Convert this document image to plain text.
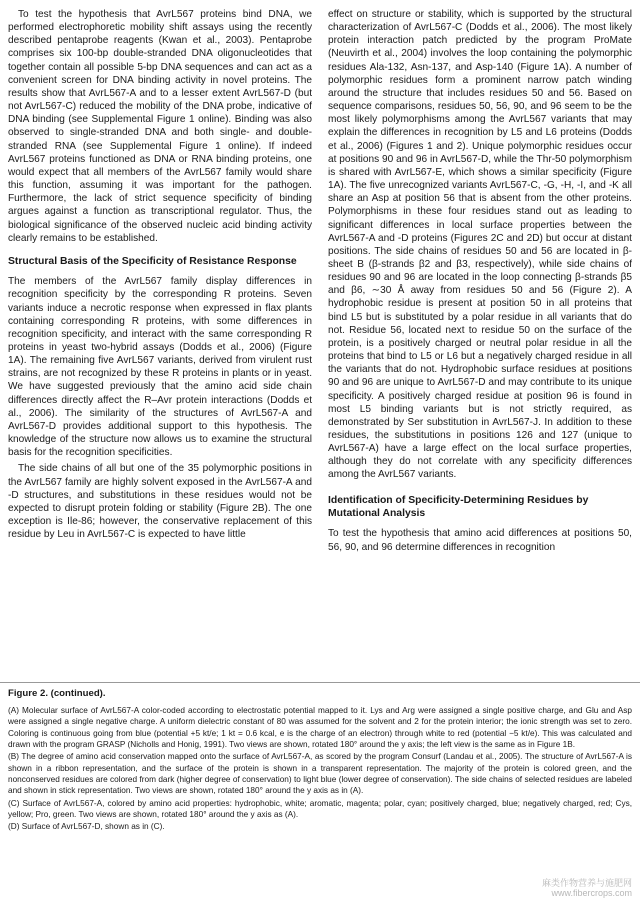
To test the hypothesis that AvrL567 proteins bind DNA, we performed electrophoretic mobility shift assays using the recently described pentaprobe reagents (Kwan et al., 2003). Pentaprobe comprises six 100-bp double-stranded DNA oligonucleotides that together contain all possible 5-bp DNA sequences and can act as a convenient screen for DNA binding activity in novel proteins. The results show that AvrL567-A and to a lesser extent AvrL567-D (but not AvrL567-C) reduced the mobility of the DNA probe, indicative of DNA binding (see Supplemental Figure 1 online). Binding was also observed to single-stranded DNA and both single- and double-stranded RNA (see Supplemental Figure 1 online). If indeed AvrL567 proteins functioned as DNA or RNA binding proteins, one would expect that all members of the AvrL567 family would share this function, assuming it was important for the pathogen. Furthermore, the lack of strict sequence specificity of binding argues against a function as transcriptional regulator. Thus, the biological significance of the observed nucleic acid binding activity clearly remains to be established.

Structural Basis of the Specificity of Resistance Response

The members of the AvrL567 family display differences in recognition specificity by the corresponding R proteins. Seven variants induce a necrotic response when expressed in flax plants containing corresponding R proteins, with some differences in recognition specificity, and interact with the same corresponding R proteins in yeast two-hybrid assays (Dodds et al., 2006) (Figure 1A). The remaining five AvrL567 variants, derived from virulent rust strains, are not recognized by these R proteins in plants or in yeast. We have suggested previously that the amino acid side chain differences directly affect the R–Avr protein interactions (Dodds et al., 2006). The similarity of the structures of AvrL567-A and AvrL567-D provides additional support to this hypothesis. The knowledge of the structure now allows us to examine the structural basis for the recognition specificities.

The side chains of all but one of the 35 polymorphic positions in the AvrL567 family are highly solvent exposed in the AvrL567-A and -D structures, and substitutions in these residues would not be expected to disrupt protein folding or stability (Figure 2B). The one exception is Ile-86; however, the conservative replacement of this residue by Leu in AvrL567-C is expected to have little

effect on structure or stability, which is supported by the structural characterization of AvrL567-C (Dodds et al., 2006). The most likely protein interaction patch predicted by the program ProMate (Neuvirth et al., 2004) involves the loop containing the polymorphic residues Ala-132, Asn-137, and Asp-140 (Figure 1A). A number of polymorphic residues form a prominent narrow patch winding around the structure that includes residues 50 and 56. Based on sequence comparisons, residues 50, 56, 90, and 96 seem to be the most likely polymorphisms among the AvrL567 variants that may explain the differences in recognition by L5 and L6 proteins (Dodds et al., 2006) (Figures 1 and 2). Unique polymorphic residues occur at positions 90 and 96 in AvrL567-D, while the Thr-50 polymorphism is shared with AvrL567-E, which shows a similar specificity (Figure 1A). The five unrecognized variants AvrL567-C, -G, -H, -I, and -K all share an Asp at position 56 that is absent from the other proteins. Polymorphisms in these four residues stand out as leading to significant differences in local surface properties between the AvrL567-A and -D proteins (Figures 2C and 2D) but occur at distant positions. The side chains of residues 50 and 56 are located in β-sheet B (β-strands β2 and β3, respectively), while side chains of residues 90 and 96 are located in the loop connecting β-strands β5 and β6, ∼30 Å away from residues 50 and 56 (Figure 2). A hydrophobic residue is present at position 50 in all proteins that bind L5 but is substituted by a polar residue in all variants that do not. Residue 56, located next to residue 50 on the surface of the protein, is a positively charged or neutral polar residue in all the proteins that bind to L5 or L6 but a negatively charged residue in all the variants that do not. Hydrophobic surface residues at positions 90 and 96 are unique to AvrL567-D and may contribute to its unique specificity. A positively charged residue at position 96 is found in most L5 binding variants but is not strictly required, as demonstrated by Ser substitution in AvrL567-J. In addition to these residues, the substitutions in positions 126 and 127 (unique to AvrL567-A) have a large effect on the local surface properties, although they do not correlate with any specificity differences among the AvrL567 variants.

Identification of Specificity-Determining Residues by Mutational Analysis

To test the hypothesis that amino acid differences at positions 50, 56, 90, and 96 determine differences in recognition

Figure 2. (continued).

(A) Molecular surface of AvrL567-A color-coded according to electrostatic potential mapped to it. Lys and Arg were assigned a single positive charge, and Glu and Asp were assigned a single negative charge. A uniform dielectric constant of 80 was assumed for the solvent and 2 for the protein interior; the ionic strength was set to zero. Coloring is continuous going from blue (potential +5 kt/e; 1 kt = 0.6 kcal, e is the charge of an electron) through white to red (potential −5 kt/e). This was calculated and drawn with the program GRASP (Nicholls and Honig, 1991). Two views are shown, rotated 180° around the y axis; the left view is the same as in Figure 1B.

(B) The degree of amino acid conservation mapped onto the surface of AvrL567-A, as scored by the program Consurf (Landau et al., 2005). The structure of AvrL567-A is shown in a ribbon representation, and the surface of the protein is shown in a transparent representation. The majority of the protein is colored green, and the nonconserved residues are colored from dark (higher degree of conservation) to light blue (lower degree of conservation). The side chains of selected residues are labeled and shown in stick representation. Two views are shown, rotated 180° around the y axis as in (A).

(C) Surface of AvrL567-A, colored by amino acid properties: hydrophobic, white; aromatic, magenta; polar, cyan; positively charged, blue; negatively charged, red; Cys, yellow; Pro, green. Two views are shown, rotated 180° around the y axis as (A).

(D) Surface of AvrL567-D, shown as in (C).

麻类作物营养与施肥网
www.fibercrops.com
